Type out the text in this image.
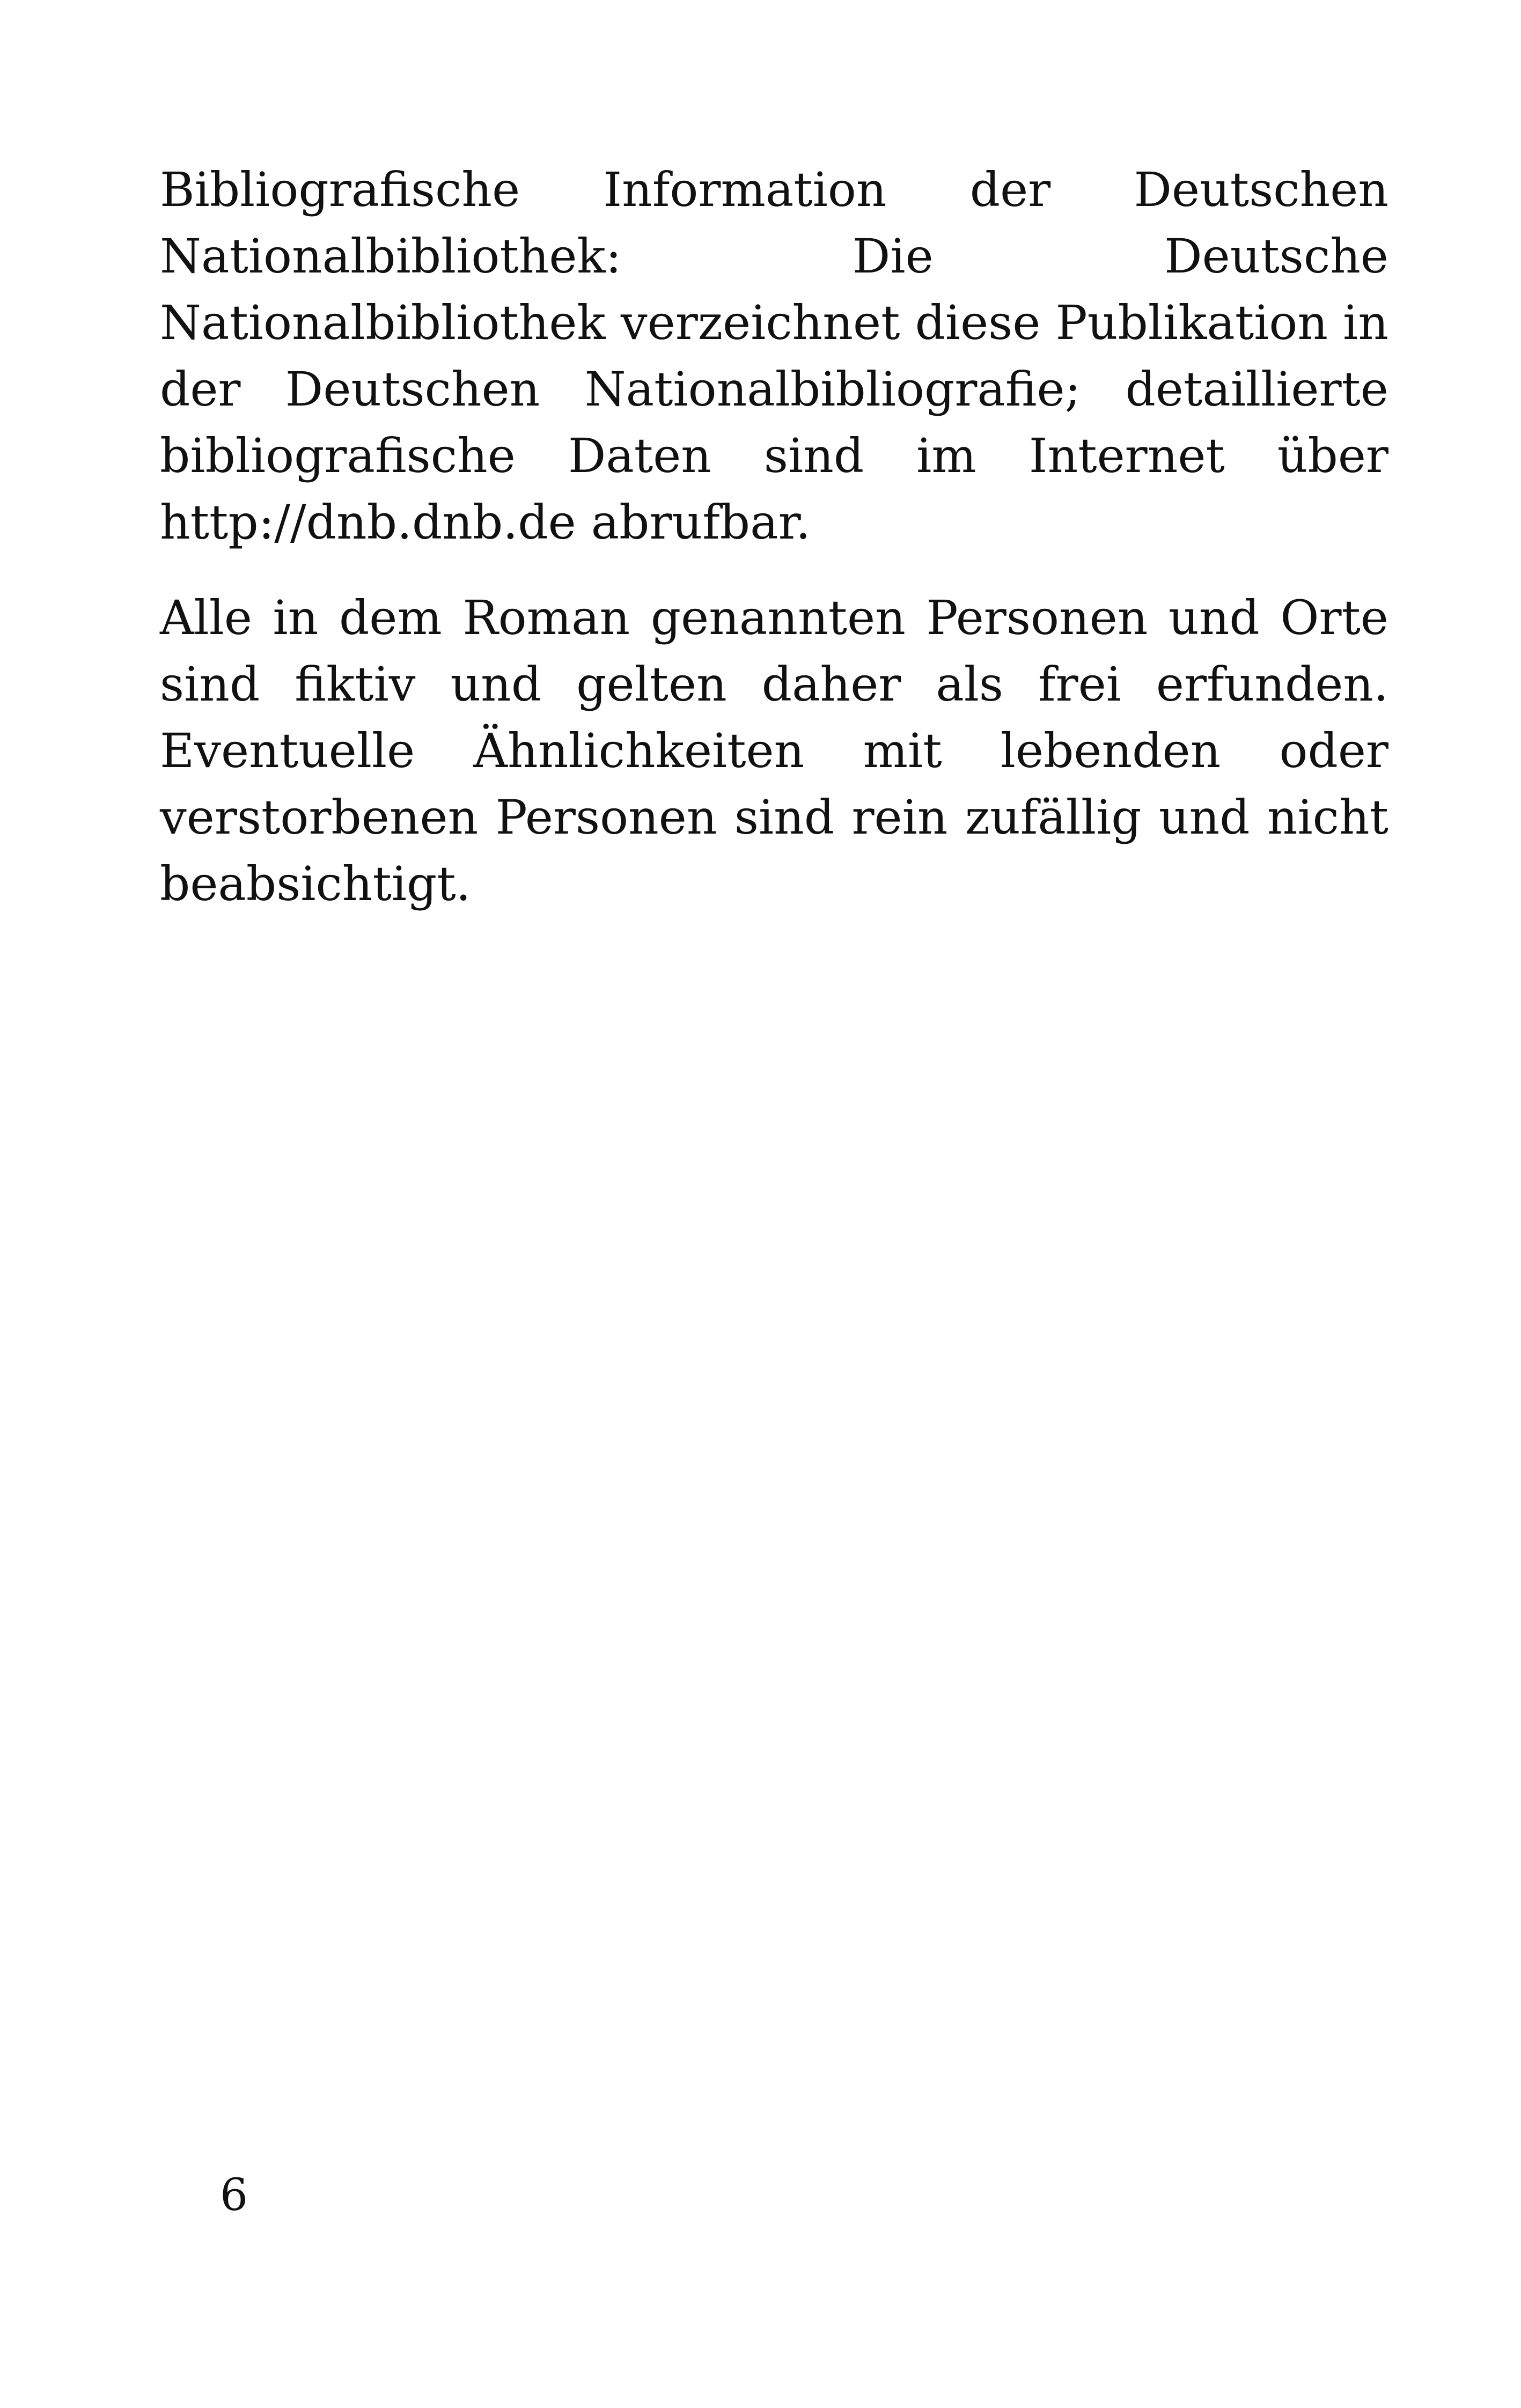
Bibliografische Information der Deutschen Nationalbibliothek: Die Deutsche Nationalbibliothek verzeichnet diese Publikation in der Deutschen Nationalbibliografie; detaillierte bibliografische Daten sind im Internet über http://dnb.dnb.de abrufbar.

Alle in dem Roman genannten Personen und Orte sind fiktiv und gelten daher als frei erfunden. Eventuelle Ähnlichkeiten mit lebenden oder verstorbenen Personen sind rein zufällig und nicht beabsichtigt.

6
